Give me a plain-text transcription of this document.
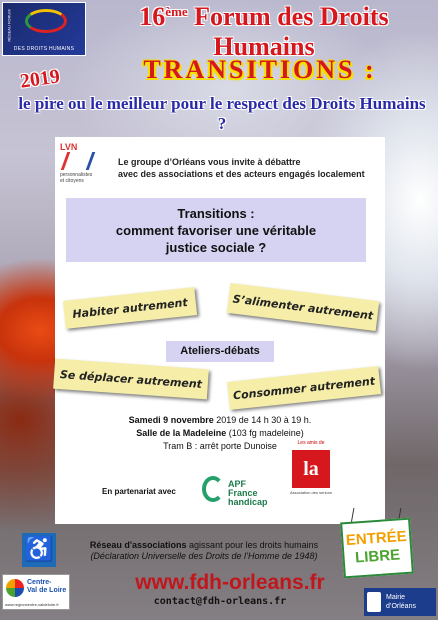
RÉSEAU FORUM
DES DROITS HUMAINS
16ème Forum des Droits Humains
2019	TRANSITIONS :
le pire ou le meilleur pour le respect des Droits Humains ?
LVN
personnalistes
et citoyens
Le groupe d’Orléans vous invite à débattre
avec des associations et des acteurs engagés localement
Transitions :
comment favoriser une véritable
justice sociale ?
Habiter autrement	S’alimenter autrement
Ateliers-débats
Se déplacer autrement	Consommer autrement
Samedi 9 novembre 2019 de 14 h 30 à 19 h.
Salle de la Madeleine (103 fg madeleine)
Tram B : arrêt porte Dunoise
En partenariat avec
APF
France
handicap
Les amis de
la vie
Association des seniors
ENTRÉE
LIBRE
♿	Réseau d'associations agissant pour les droits humains
(Déclaration Universelle des Droits de l’Homme de 1948)
www.fdh-orleans.fr
contact@fdh-orleans.fr
Centre-
Val de Loire
www.regioncentre-valdeloire.fr
Mairie
d’Orléans
